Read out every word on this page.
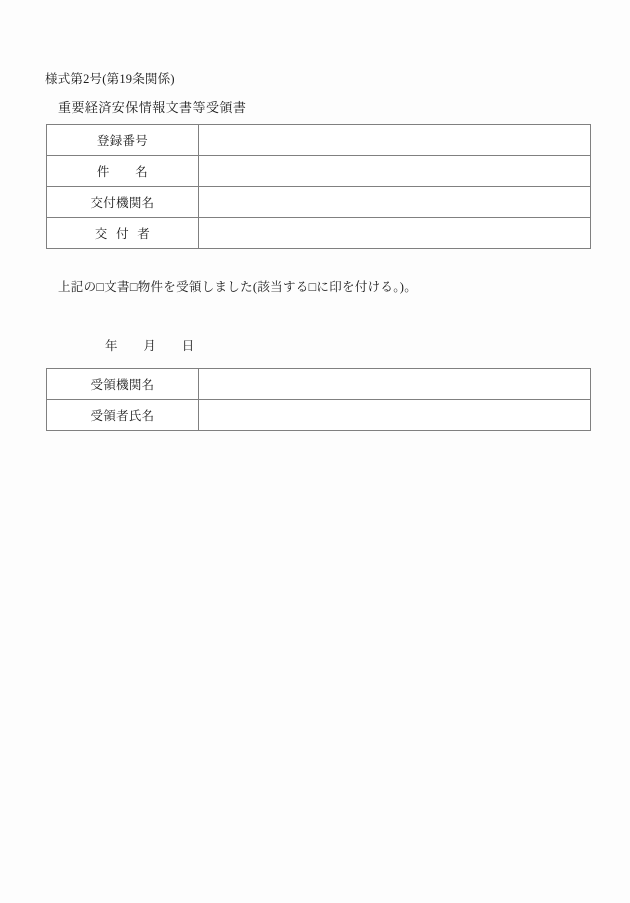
様式第2号(第19条関係)
重要経済安保情報文書等受領書
登録番号	
件　　名	
交付機関名	
交 付 者	
上記の□文書□物件を受領しました(該当する□に印を付ける。)。
年　　月　　日
受領機関名	
受領者氏名	
